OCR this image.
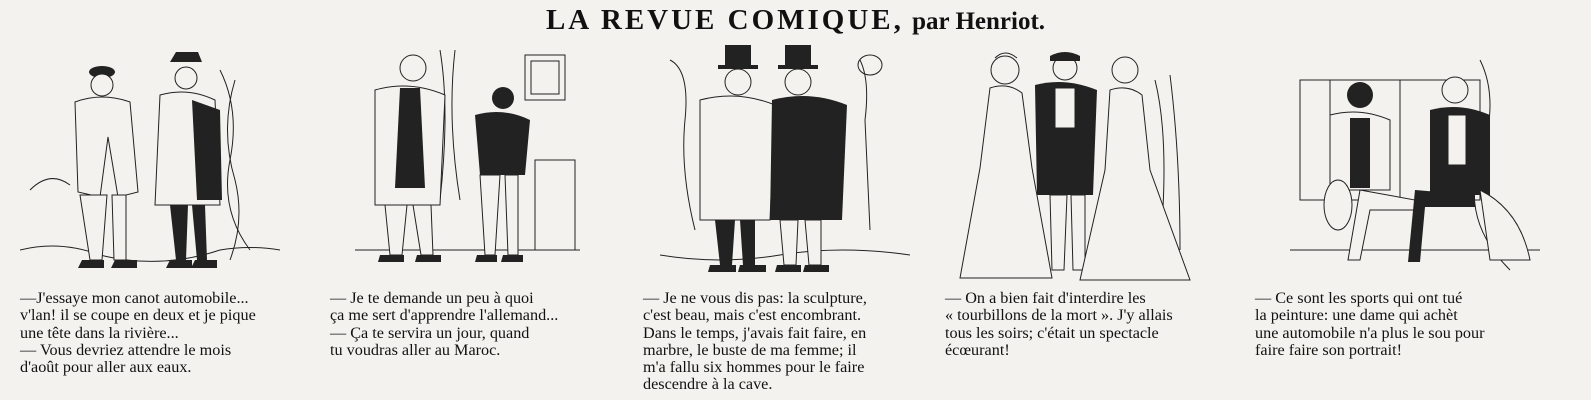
LA REVUE COMIQUE, par Henriot.
—J'essaye mon canot automobile...
v'lan! il se coupe en deux et je pique
une tête dans la rivière...
— Vous devriez attendre le mois
d'août pour aller aux eaux.
— Je te demande un peu à quoi
ça me sert d'apprendre l'allemand...
— Ça te servira un jour, quand
tu voudras aller au Maroc.
— Je ne vous dis pas: la sculpture,
c'est beau, mais c'est encombrant.
Dans le temps, j'avais fait faire, en
marbre, le buste de ma femme; il
m'a fallu six hommes pour le faire
descendre à la cave.
— On a bien fait d'interdire les
« tourbillons de la mort ». J'y allais
tous les soirs; c'était un spectacle
écœurant!
— Ce sont les sports qui ont tué
la peinture: une dame qui achèt
une automobile n'a plus le sou pour
faire faire son portrait!
